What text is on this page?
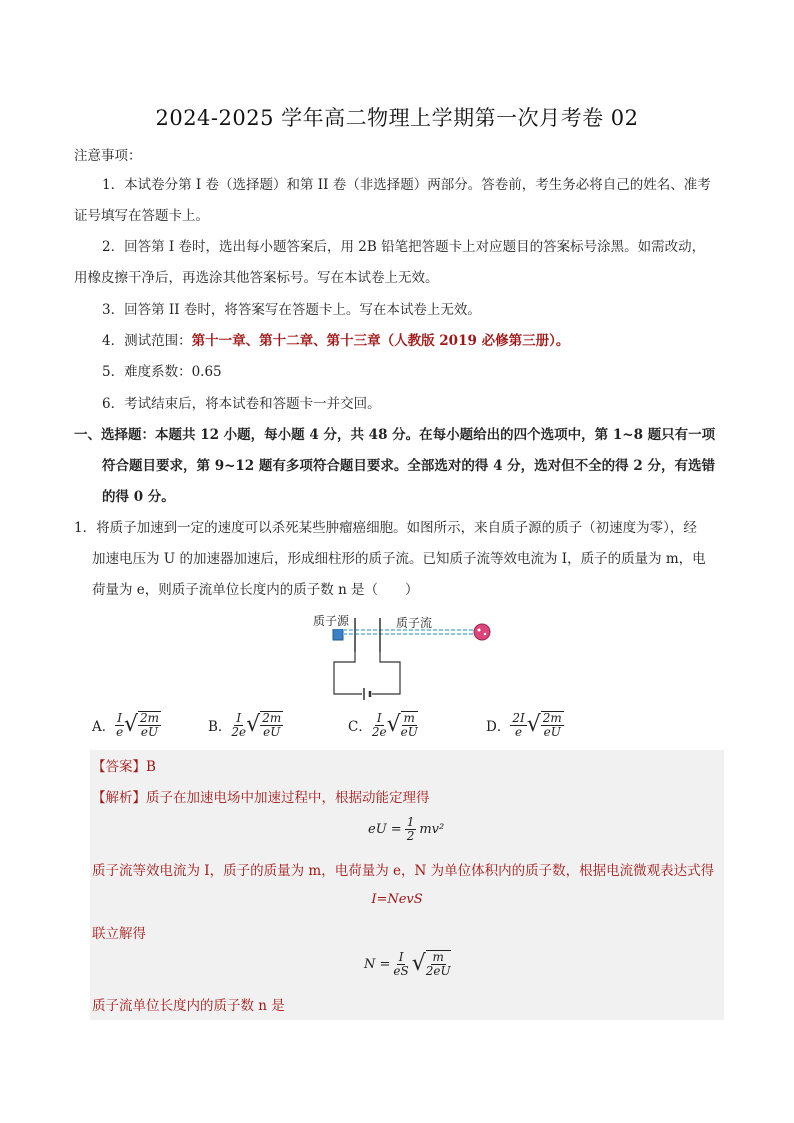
2024-2025 学年高二物理上学期第一次月考卷 02
注意事项：
1．本试卷分第 I 卷（选择题）和第 II 卷（非选择题）两部分。答卷前，考生务必将自己的姓名、准考
证号填写在答题卡上。
2．回答第 I 卷时，选出每小题答案后，用 2B 铅笔把答题卡上对应题目的答案标号涂黑。如需改动，
用橡皮擦干净后，再选涂其他答案标号。写在本试卷上无效。
3．回答第 II 卷时，将答案写在答题卡上。写在本试卷上无效。
4．测试范围：第十一章、第十二章、第十三章（人教版 2019 必修第三册）。
5．难度系数：0.65
6．考试结束后，将本试卷和答题卡一并交回。
一、选择题：本题共 12 小题，每小题 4 分，共 48 分。在每小题给出的四个选项中，第 1~8 题只有一项
符合题目要求，第 9~12 题有多项符合题目要求。全部选对的得 4 分，选对但不全的得 2 分，有选错
的得 0 分。
1．将质子加速到一定的速度可以杀死某些肿瘤癌细胞。如图所示，来自质子源的质子（初速度为零），经
加速电压为 U 的加速器加速后，形成细柱形的质子流。已知质子流等效电流为 I，质子的质量为 m，电
荷量为 e，则质子流单位长度内的质子数 n 是（　　）
质子源	质子流
A． $\frac{I}{e}$ √ $\frac{2m}{eU}$	B． $\frac{I}{2e}$ √ $\frac{2m}{eU}$	C． $\frac{I}{2e}$ √ $\frac{m}{eU}$	D． $\frac{2I}{e}$ √ $\frac{2m}{eU}$
【答案】B
【解析】质子在加速电场中加速过程中，根据动能定理得
eU = $\frac{1}{2} mv^2$
质子流等效电流为 I，质子的质量为 m，电荷量为 e，N 为单位体积内的质子数，根据电流微观表达式得
I=NevS
联立解得
$N = \frac{I}{eS}$ √ $\frac{m}{2eU}$
质子流单位长度内的质子数 n 是
